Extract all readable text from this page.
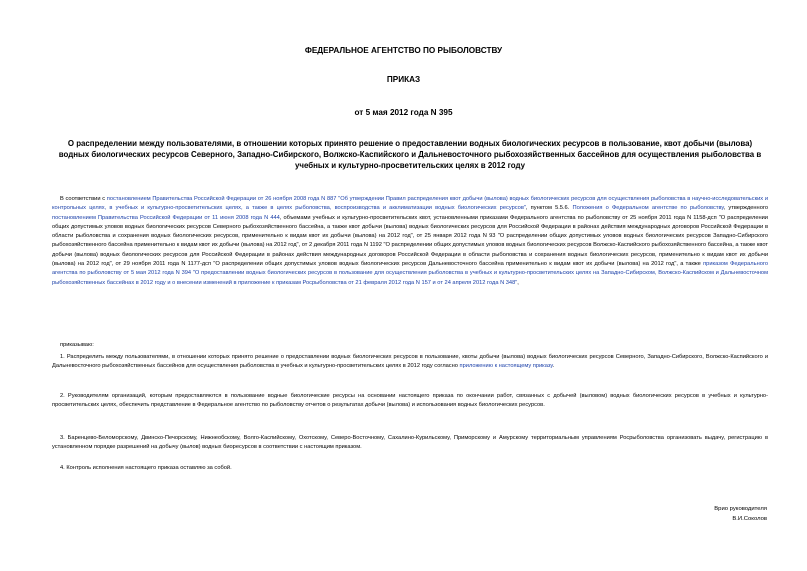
ФЕДЕРАЛЬНОЕ АГЕНТСТВО ПО РЫБОЛОВСТВУ
ПРИКАЗ
от 5 мая 2012 года N 395
О распределении между пользователями, в отношении которых принято решение о предоставлении водных биологических ресурсов в пользование, квот добычи (вылова) водных биологических ресурсов Северного, Западно-Сибирского, Волжско-Каспийского и Дальневосточного рыбохозяйственных бассейнов для осуществления рыболовства в учебных и культурно-просветительских целях в 2012 году
В соответствии с постановлением Правительства Российской Федерации от 26 ноября 2008 года N 887 "Об утверждении Правил распределения квот добычи (вылова) водных биологических ресурсов для осуществления рыболовства в научно-исследовательских и контрольных целях, в учебных и культурно-просветительских целях, а также в целях рыболовства, воспроизводства и акклиматизации водных биологических ресурсов", пунктом 5.5.6. Положения о Федеральном агентстве по рыболовству, утвержденного постановлением Правительства Российской Федерации от 11 июня 2008 года N 444, объемами учебных и культурно-просветительских квот, установленными приказами Федерального агентства по рыболовству от 25 ноября 2011 года N 1158-дсп "О распределении общих допустимых уловов водных биологических ресурсов Северного рыбохозяйственного бассейна, а также квот добычи (вылова) водных биологических ресурсов для Российской Федерации в районах действия международных договоров Российской Федерации в области рыболовства и сохранения водных биологических ресурсов, применительно к видам квот их добычи (вылова) на 2012 год", от 25 января 2012 года N 93 "О распределении общих допустимых уловов водных биологических ресурсов Западно-Сибирского рыбохозяйственного бассейна применительно к видам квот их добычи (вылова) на 2012 год", от 2 декабря 2011 года N 1192 "О распределении общих допустимых уловов водных биологических ресурсов Волжско-Каспийского рыбохозяйственного бассейна, а также квот добычи (вылова) водных биологических ресурсов для Российской Федерации в районах действия международных договоров Российской Федерации в области рыболовства и сохранения водных биологических ресурсов, применительно к видам квот их добычи (вылова) на 2012 год", от 29 ноября 2011 года N 1177-дсп "О распределении общих допустимых уловов водных биологических ресурсов Дальневосточного бассейна применительно к видам квот их добычи (вылова) на 2012 год", а также приказом Федерального агентства по рыболовству от 5 мая 2012 года N 394 "О предоставлении водных биологических ресурсов в пользование для осуществления рыболовства в учебных и культурно-просветительских целях на Западно-Сибирском, Волжско-Каспийском и Дальневосточном рыбохозяйственных бассейнах в 2012 году и о внесении изменений в приложение к приказам Росрыболовства от 21 февраля 2012 года N 157 и от 24 апреля 2012 года N 348",
приказываю:
1. Распределить между пользователями, в отношении которых принято решение о предоставлении водных биологических ресурсов в пользование, квоты добычи (вылова) водных биологических ресурсов Северного, Западно-Сибирского, Волжско-Каспийского и Дальневосточного рыбохозяйственных бассейнов для осуществления рыболовства в учебных и культурно-просветительских целях в 2012 году согласно приложению к настоящему приказу.
2. Руководителям организаций, которым предоставляются в пользование водные биологические ресурсы на основании настоящего приказа по окончании работ, связанных с добычей (выловом) водных биологических ресурсов в учебных и культурно-просветительских целях, обеспечить представление в Федеральное агентство по рыболовству отчетов о результатах добычи (вылова) и использования водных биологических ресурсов.
3. Баренцево-Беломорскому, Двинско-Печорскому, Нижнеобскому, Волго-Каспийскому, Охотскому, Северо-Восточному, Сахалино-Курильскому, Приморскому и Амурскому территориальным управлениям Росрыболовства организовать выдачу, регистрацию в установленном порядке разрешений на добычу (вылов) водных биоресурсов в соответствии с настоящим приказом.
4. Контроль исполнения настоящего приказа оставляю за собой.
Врио руководителя
В.И.Соколов
